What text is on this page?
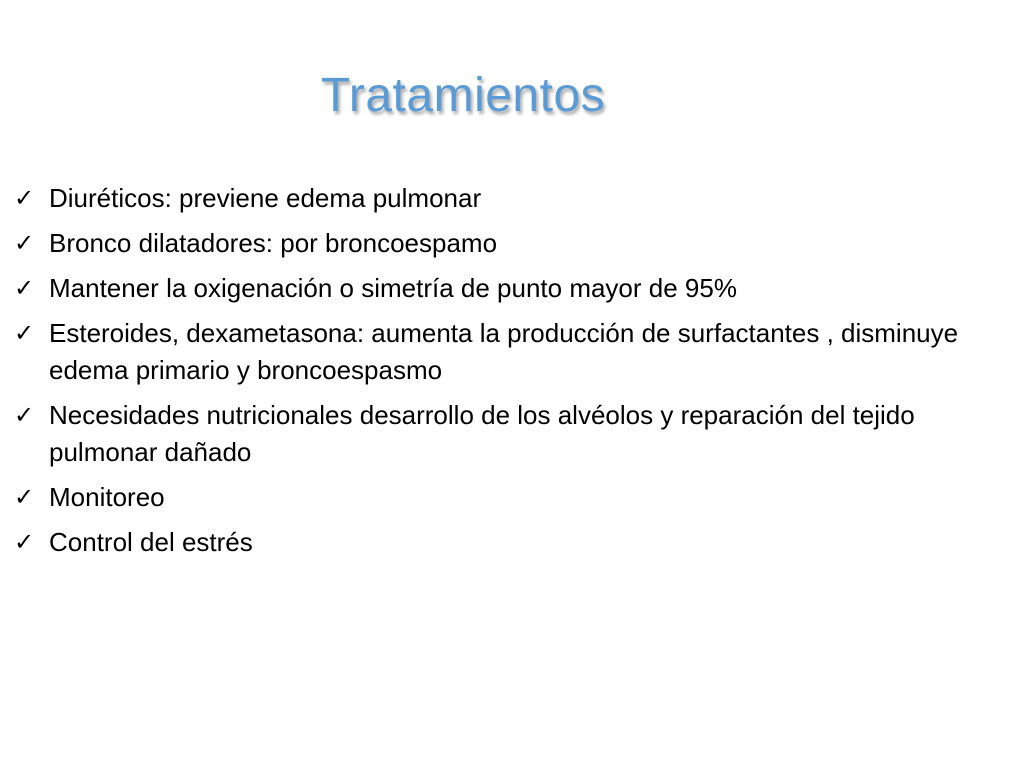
Tratamientos
✓ Diuréticos: previene edema pulmonar
✓ Bronco dilatadores: por broncoespamo
✓ Mantener la oxigenación o simetría de punto mayor de 95%
✓ Esteroides, dexametasona: aumenta la producción de surfactantes , disminuye edema primario y broncoespasmo
✓ Necesidades nutricionales desarrollo de los alvéolos y reparación del tejido pulmonar dañado
✓ Monitoreo
✓ Control del estrés
